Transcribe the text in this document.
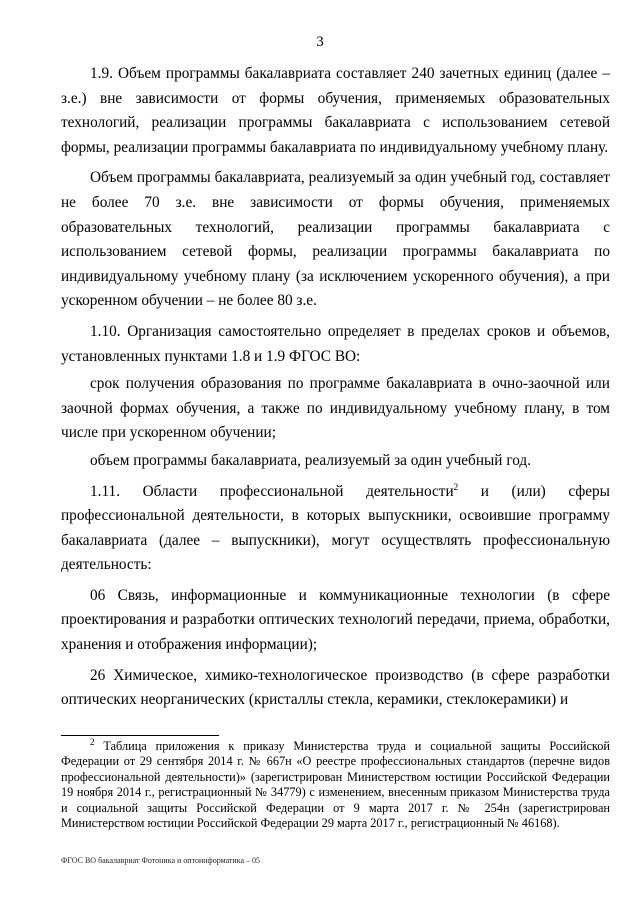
3

1.9. Объем программы бакалавриата составляет 240 зачетных единиц (далее – з.е.) вне зависимости от формы обучения, применяемых образовательных технологий, реализации программы бакалавриата с использованием сетевой формы, реализации программы бакалавриата по индивидуальному учебному плану.

Объем программы бакалавриата, реализуемый за один учебный год, составляет не более 70 з.е. вне зависимости от формы обучения, применяемых образовательных технологий, реализации программы бакалавриата с использованием сетевой формы, реализации программы бакалавриата по индивидуальному учебному плану (за исключением ускоренного обучения), а при ускоренном обучении – не более 80 з.е.

1.10. Организация самостоятельно определяет в пределах сроков и объемов, установленных пунктами 1.8 и 1.9 ФГОС ВО:

срок получения образования по программе бакалавриата в очно-заочной или заочной формах обучения, а также по индивидуальному учебному плану, в том числе при ускоренном обучении;

объем программы бакалавриата, реализуемый за один учебный год.

1.11. Области профессиональной деятельности$^2$ и (или) сферы

профессиональной деятельности, в которых выпускники, освоившие программу бакалавриата (далее – выпускники), могут осуществлять профессиональную деятельность:

06 Связь, информационные и коммуникационные технологии (в сфере проектирования и разработки оптических технологий передачи, приема, обработки, хранения и отображения информации);

26 Химическое, химико-технологическое производство (в сфере разработки оптических неорганических (кристаллы стекла, керамики, стеклокерамики) и

$^2$ Таблица приложения к приказу Министерства труда и социальной защиты Российской Федерации от 29 сентября 2014 г. № 667н «О реестре профессиональных стандартов (перечне видов профессиональной деятельности)» (зарегистрирован Министерством юстиции Российской Федерации 19 ноября 2014 г., регистрационный № 34779) с изменением, внесенным приказом Министерства труда и социальной защиты Российской Федерации от 9 марта 2017 г. № 254н (зарегистрирован Министерством юстиции Российской Федерации 29 марта 2017 г., регистрационный № 46168).

ФГОС ВО бакалавриат Фотоника и оптоинформатика – 05
